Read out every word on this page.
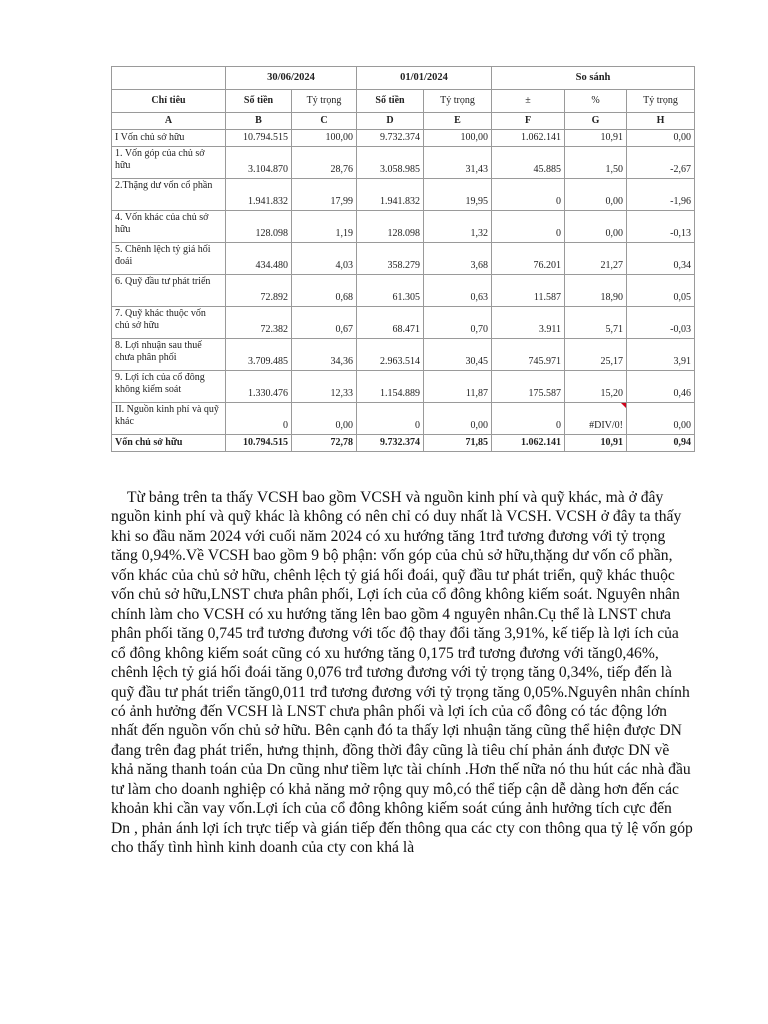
	30/06/2024		01/01/2024		So sánh		
Chỉ tiêu	Số tiền	Tỷ trọng	Số tiền	Tỷ trọng	±	%	Tỷ trọng
A	B	C	D	E	F	G	H
I Vốn chủ sở hữu	10.794.515	100,00	9.732.374	100,00	1.062.141	10,91	0,00
1. Vốn góp của chủ sở hữu	3.104.870	28,76	3.058.985	31,43	45.885	1,50	-2,67
2.Thặng dư vốn cổ phần	1.941.832	17,99	1.941.832	19,95	0	0,00	-1,96
4. Vốn khác của chủ sở hữu	128.098	1,19	128.098	1,32	0	0,00	-0,13
5. Chênh lệch tỷ giá hối đoái	434.480	4,03	358.279	3,68	76.201	21,27	0,34
6. Quỹ đầu tư phát triển	72.892	0,68	61.305	0,63	11.587	18,90	0,05
7. Quỹ khác thuộc vốn chủ sở hữu	72.382	0,67	68.471	0,70	3.911	5,71	-0,03
8. Lợi nhuận sau thuế chưa phân phối	3.709.485	34,36	2.963.514	30,45	745.971	25,17	3,91
9. Lợi ích của cổ đông không kiểm soát	1.330.476	12,33	1.154.889	11,87	175.587	15,20	0,46
II. Nguồn kinh phí và quỹ khác	0	0,00	0	0,00	0	#DIV/0!	0,00
Vốn chủ sở hữu	10.794.515	72,78	9.732.374	71,85	1.062.141	10,91	0,94

Từ bảng trên ta thấy VCSH bao gồm VCSH và nguồn kinh phí và quỹ khác, mà ở đây nguồn kinh phí và quỹ khác là không có nên chỉ có duy nhất là VCSH. VCSH ở đây ta thấy khi so đầu năm 2024 với cuối năm 2024 có xu hướng tăng 1trđ tương đương với tỷ trọng tăng 0,94%.Về VCSH bao gồm 9 bộ phận: vốn góp của chủ sở hữu,thặng dư vốn cổ phần, vốn khác của chủ sở hữu, chênh lệch tỷ giá hối đoái, quỹ đầu tư phát triển, quỹ khác thuộc vốn chủ sở hữu,LNST chưa phân phối, Lợi ích của cổ đông không kiếm soát. Nguyên nhân chính làm cho VCSH có xu hướng tăng lên bao gồm 4 nguyên nhân.Cụ thể là LNST chưa phân phối tăng 0,745 trđ tương đương với tốc độ thay đổi tăng 3,91%, kế tiếp là lợi ích của cổ đông không kiếm soát cũng có xu hướng tăng 0,175 trđ tương đương với tăng0,46%, chênh lệch tỷ giá hối đoái tăng 0,076 trđ tương đương với tỷ trọng tăng 0,34%, tiếp đến là quỹ đầu tư phát triển tăng0,011 trđ tương đương với tỷ trọng tăng 0,05%.Nguyên nhân chính có ảnh hưởng đến VCSH là LNST chưa phân phối và lợi ích của cổ đông có tác động lớn nhất đến nguồn vốn chủ sở hữu. Bên cạnh đó ta thấy lợi nhuận tăng cũng thể hiện được DN đang trên đag phát triển, hưng thịnh, đồng thời đây cũng là tiêu chí phản ánh được DN về khả năng thanh toán của Dn cũng như tiềm lực tài chính .Hơn thế nữa nó thu hút các nhà đầu tư làm cho doanh nghiệp có khả năng mở rộng quy mô,có thể tiếp cận dễ dàng hơn đến các khoản khi cần vay vốn.Lợi ích của cổ đông không kiếm soát cúng ảnh hưởng tích cực đến Dn , phản ánh lợi ích trực tiếp và gián tiếp đến thông qua các cty con thông qua tỷ lệ vốn góp cho thấy tình hình kinh doanh của cty con khá là
